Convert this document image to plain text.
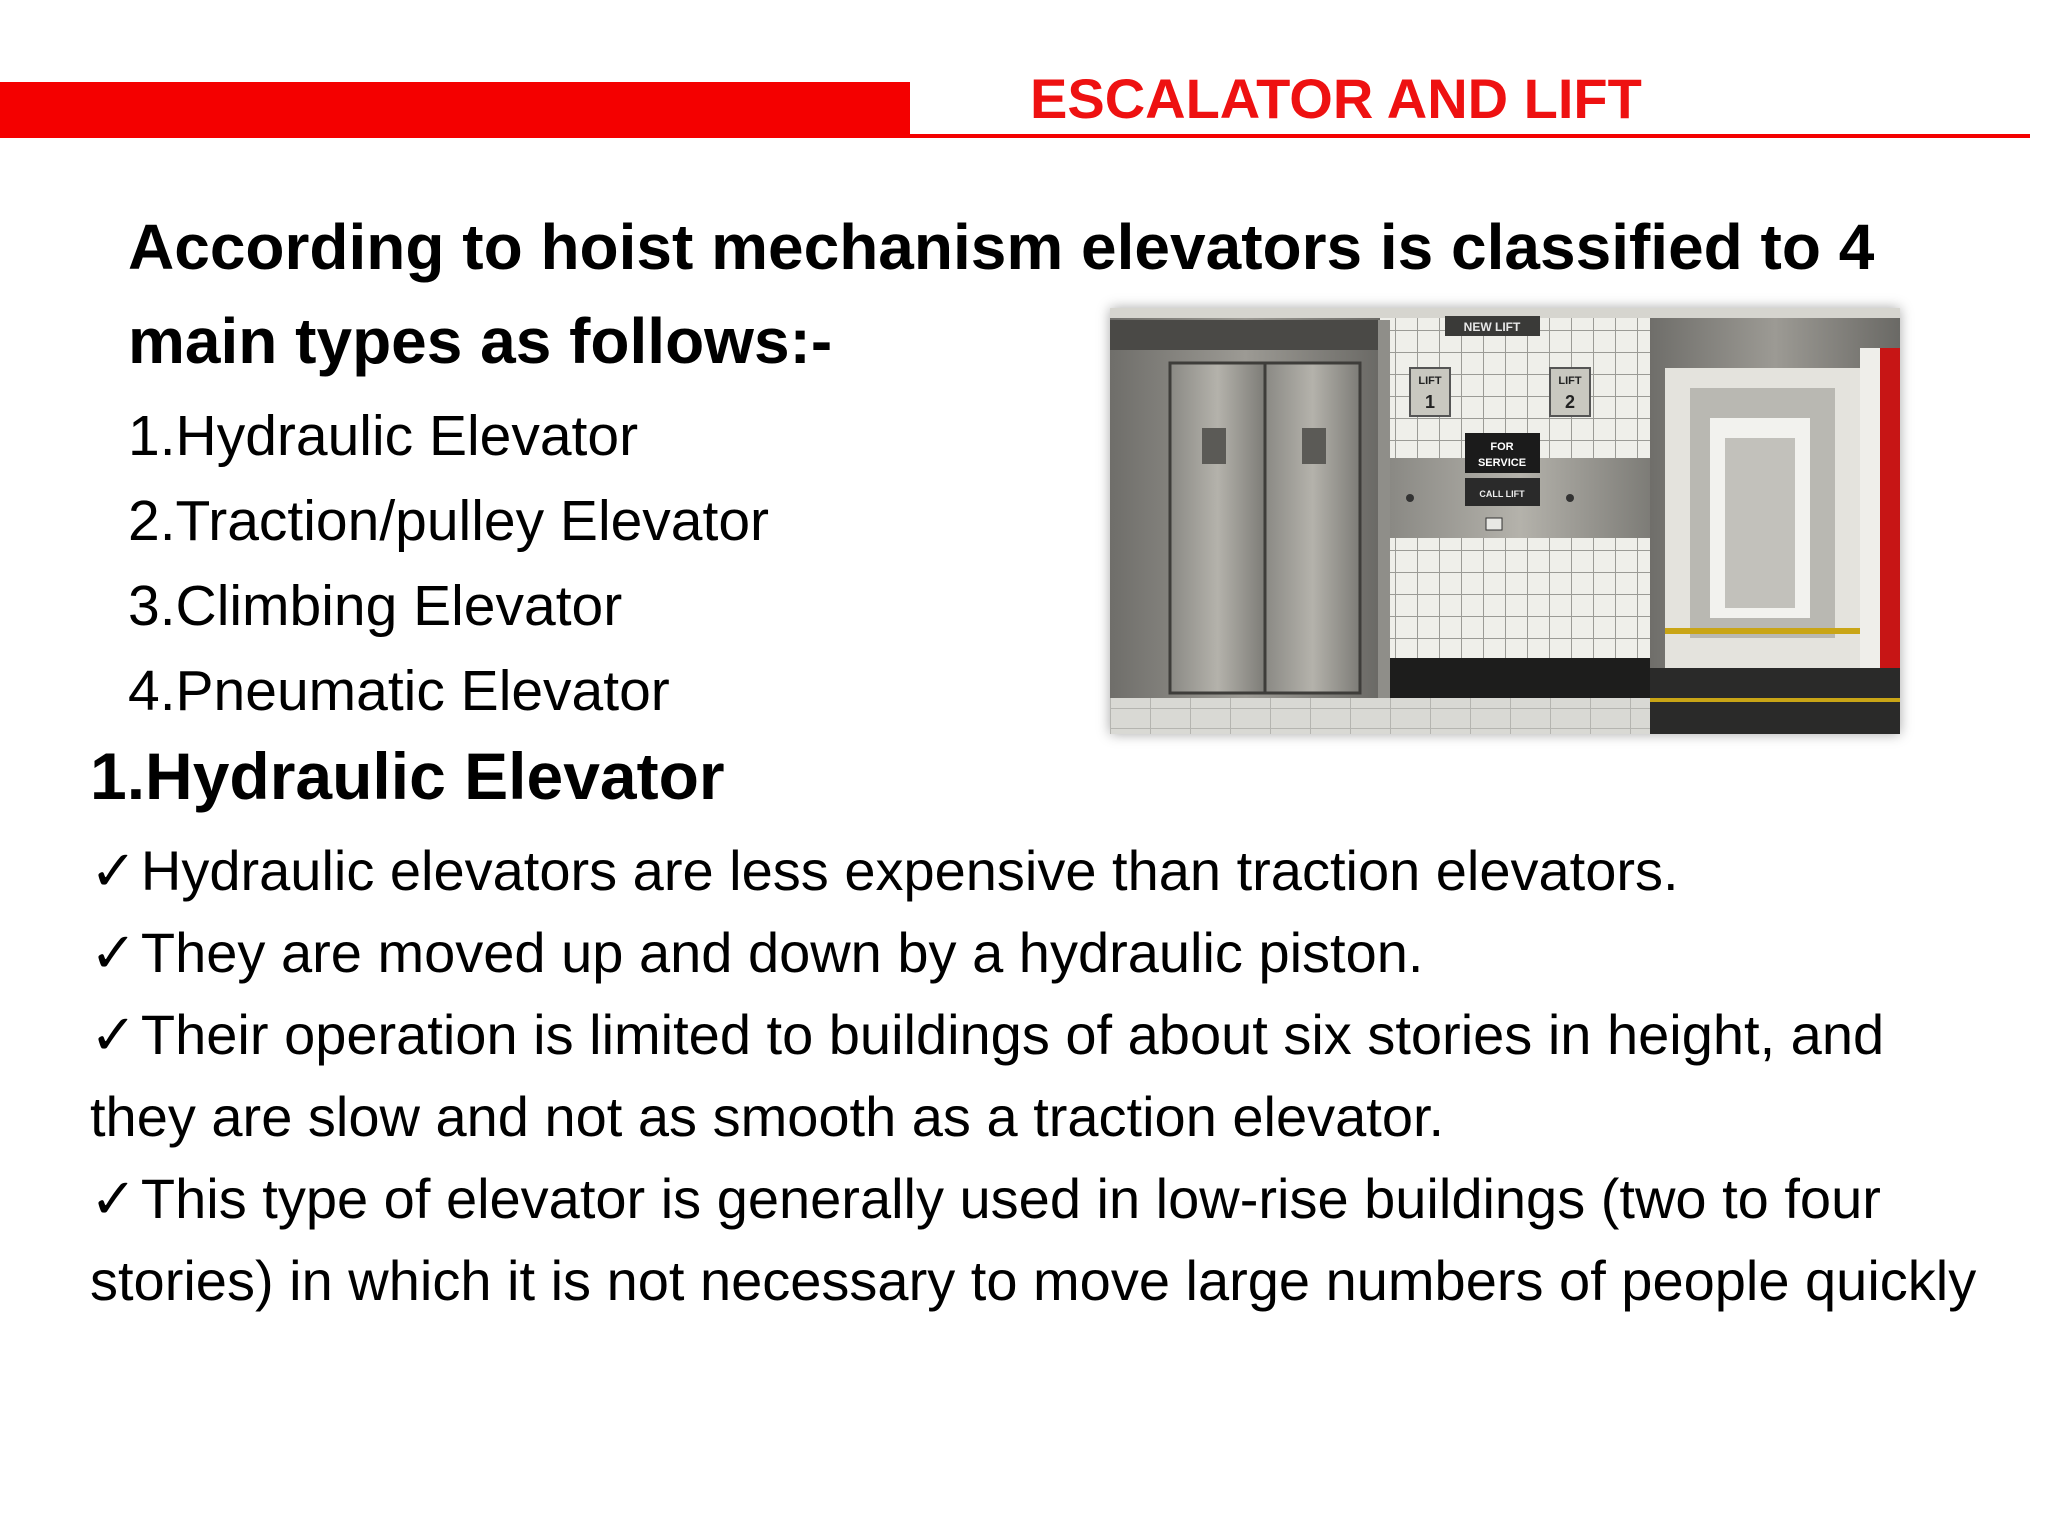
ESCALATOR AND LIFT

According to hoist mechanism elevators is classified to 4 main types as follows:-

1.Hydraulic Elevator
2.Traction/pulley Elevator
3.Climbing Elevator
4.Pneumatic Elevator
NEW LIFT
LIFT
1
LIFT
2
FOR
SERVICE
CALL LIFT
1.Hydraulic Elevator
✓Hydraulic elevators are less expensive than traction elevators.
✓They are moved up and down by a hydraulic piston.
✓Their operation is limited to buildings of about six stories in height, and they are slow and not as smooth as a traction elevator.
✓This type of elevator is generally used in low-rise buildings (two to four stories) in which it is not necessary to move large numbers of people quickly
